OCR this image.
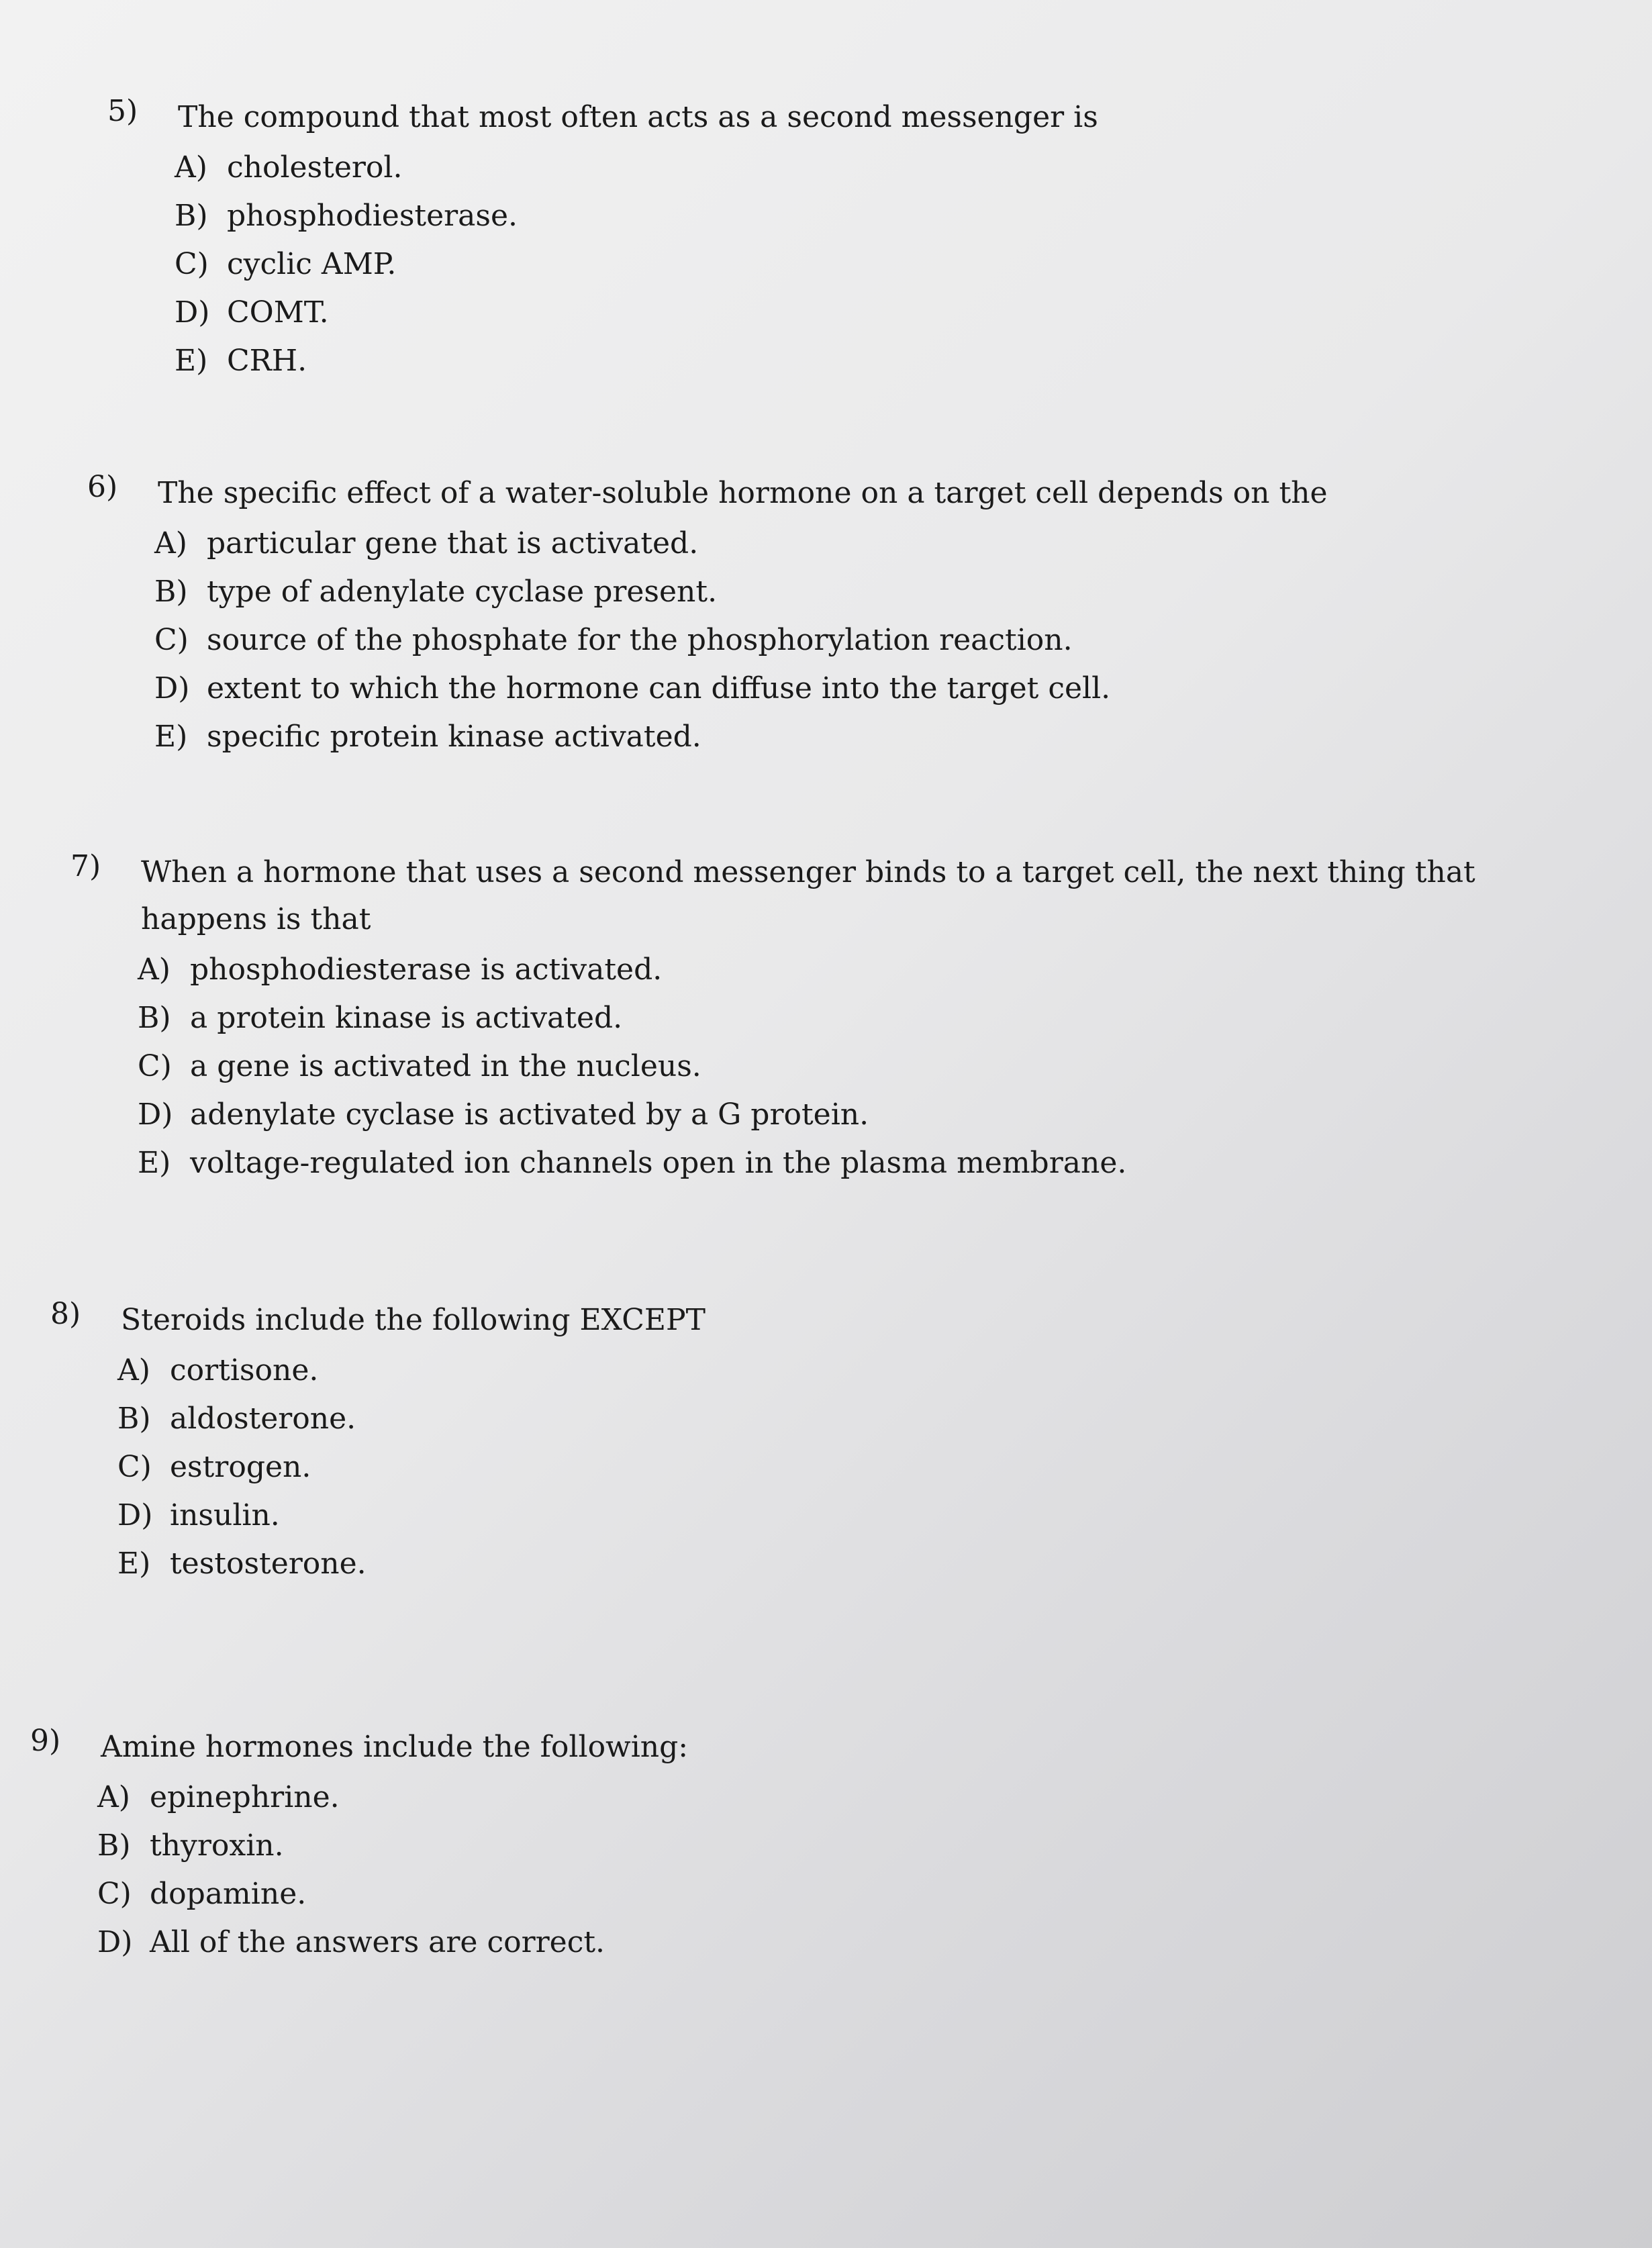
5) The compound that most often acts as a second messenger is
A) cholesterol.
B) phosphodiesterase.
C) cyclic AMP.
D) COMT.
E) CRH.
6) The specific effect of a water-soluble hormone on a target cell depends on the
A) particular gene that is activated.
B) type of adenylate cyclase present.
C) source of the phosphate for the phosphorylation reaction.
D) extent to which the hormone can diffuse into the target cell.
E) specific protein kinase activated.
7) When a hormone that uses a second messenger binds to a target cell, the next thing that happens is that
A) phosphodiesterase is activated.
B) a protein kinase is activated.
C) a gene is activated in the nucleus.
D) adenylate cyclase is activated by a G protein.
E) voltage-regulated ion channels open in the plasma membrane.
8) Steroids include the following EXCEPT
A) cortisone.
B) aldosterone.
C) estrogen.
D) insulin.
E) testosterone.
9) Amine hormones include the following:
A) epinephrine.
B) thyroxin.
C) dopamine.
D) All of the answers are correct.
